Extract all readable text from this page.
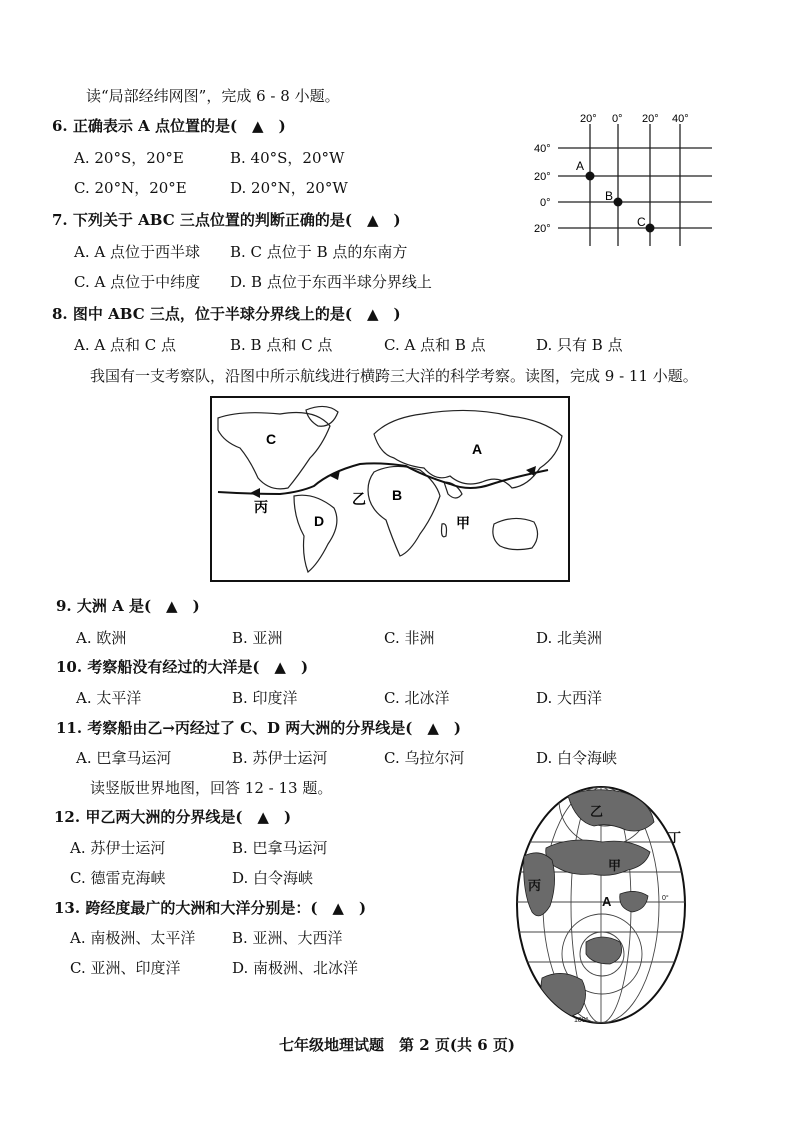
读“局部经纬网图”，完成 6 - 8 小题。
6. 正确表示 A 点位置的是(　▲　)
A. 20°S，20°E	B. 40°S，20°W
C. 20°N，20°E	D. 20°N，20°W
7. 下列关于 ABC 三点位置的判断正确的是(　▲　)
A. A 点位于西半球 B. C 点位于 B 点的东南方
C. A 点位于中纬度 D. B 点位于东西半球分界线上
8. 图中 ABC 三点，位于半球分界线上的是(　▲　)
A. A 点和 C 点	B. B 点和 C 点	C. A 点和 B 点	D. 只有 B 点
20° 0° 20° 40°
40°
20°
0°
20°
A
B
C
我国有一支考察队，沿图中所示航线进行横跨三大洋的科学考察。读图，完成 9 - 11 小题。
C
A
B
D
乙
丙
甲
9. 大洲 A 是(　▲　)
A. 欧洲	B. 亚洲	C. 非洲	D. 北美洲
10. 考察船没有经过的大洋是(　▲　)
A. 太平洋	B. 印度洋	C. 北冰洋	D. 大西洋
11. 考察船由乙→丙经过了 C、D 两大洲的分界线是(　▲　)
A. 巴拿马运河	B. 苏伊士运河	C. 乌拉尔河	D. 白令海峡
读竖版世界地图，回答 12 - 13 题。
12. 甲乙两大洲的分界线是(　▲　)
A. 苏伊士运河	B. 巴拿马运河
C. 德雷克海峡	D. 白令海峡
13. 跨经度最广的大洲和大洋分别是：(　▲　)
A. 南极洲、太平洋 B. 亚洲、大西洋
C. 亚洲、印度洋	D. 南极洲、北冰洋
乙
丁
甲
丙
A	0°
180°
七年级地理试题　第 2 页(共 6 页)
